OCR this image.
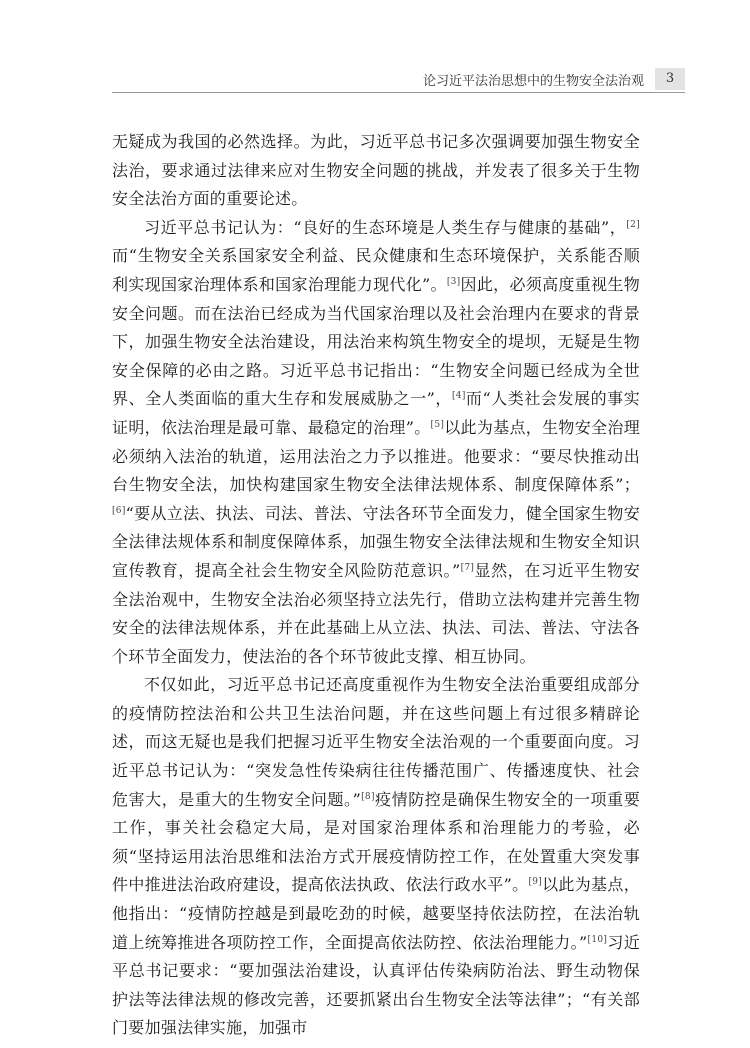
论习近平法治思想中的生物安全法治观	3

无疑成为我国的必然选择。为此，习近平总书记多次强调要加强生物安全法治，要求通过法律来应对生物安全问题的挑战，并发表了很多关于生物安全法治方面的重要论述。

习近平总书记认为：“良好的生态环境是人类生存与健康的基础”，[2]而“生物安全关系国家安全利益、民众健康和生态环境保护，关系能否顺利实现国家治理体系和国家治理能力现代化”。[3]因此，必须高度重视生物安全问题。而在法治已经成为当代国家治理以及社会治理内在要求的背景下，加强生物安全法治建设，用法治来构筑生物安全的堤坝，无疑是生物安全保障的必由之路。习近平总书记指出：“生物安全问题已经成为全世界、全人类面临的重大生存和发展威胁之一”，[4]而“人类社会发展的事实证明，依法治理是最可靠、最稳定的治理”。[5]以此为基点，生物安全治理必须纳入法治的轨道，运用法治之力予以推进。他要求：“要尽快推动出台生物安全法，加快构建国家生物安全法律法规体系、制度保障体系”；[6]“要从立法、执法、司法、普法、守法各环节全面发力，健全国家生物安全法律法规体系和制度保障体系，加强生物安全法律法规和生物安全知识宣传教育，提高全社会生物安全风险防范意识。”[7]显然，在习近平生物安全法治观中，生物安全法治必须坚持立法先行，借助立法构建并完善生物安全的法律法规体系，并在此基础上从立法、执法、司法、普法、守法各个环节全面发力，使法治的各个环节彼此支撑、相互协同。

不仅如此，习近平总书记还高度重视作为生物安全法治重要组成部分的疫情防控法治和公共卫生法治问题，并在这些问题上有过很多精辟论述，而这无疑也是我们把握习近平生物安全法治观的一个重要面向度。习近平总书记认为：“突发急性传染病往往传播范围广、传播速度快、社会危害大，是重大的生物安全问题。”[8]疫情防控是确保生物安全的一项重要工作，事关社会稳定大局，是对国家治理体系和治理能力的考验，必须“坚持运用法治思维和法治方式开展疫情防控工作，在处置重大突发事件中推进法治政府建设，提高依法执政、依法行政水平”。[9]以此为基点，他指出：“疫情防控越是到最吃劲的时候，越要坚持依法防控，在法治轨道上统筹推进各项防控工作，全面提高依法防控、依法治理能力。”[10]习近平总书记要求：“要加强法治建设，认真评估传染病防治法、野生动物保护法等法律法规的修改完善，还要抓紧出台生物安全法等法律”；“有关部门要加强法律实施，加强市
